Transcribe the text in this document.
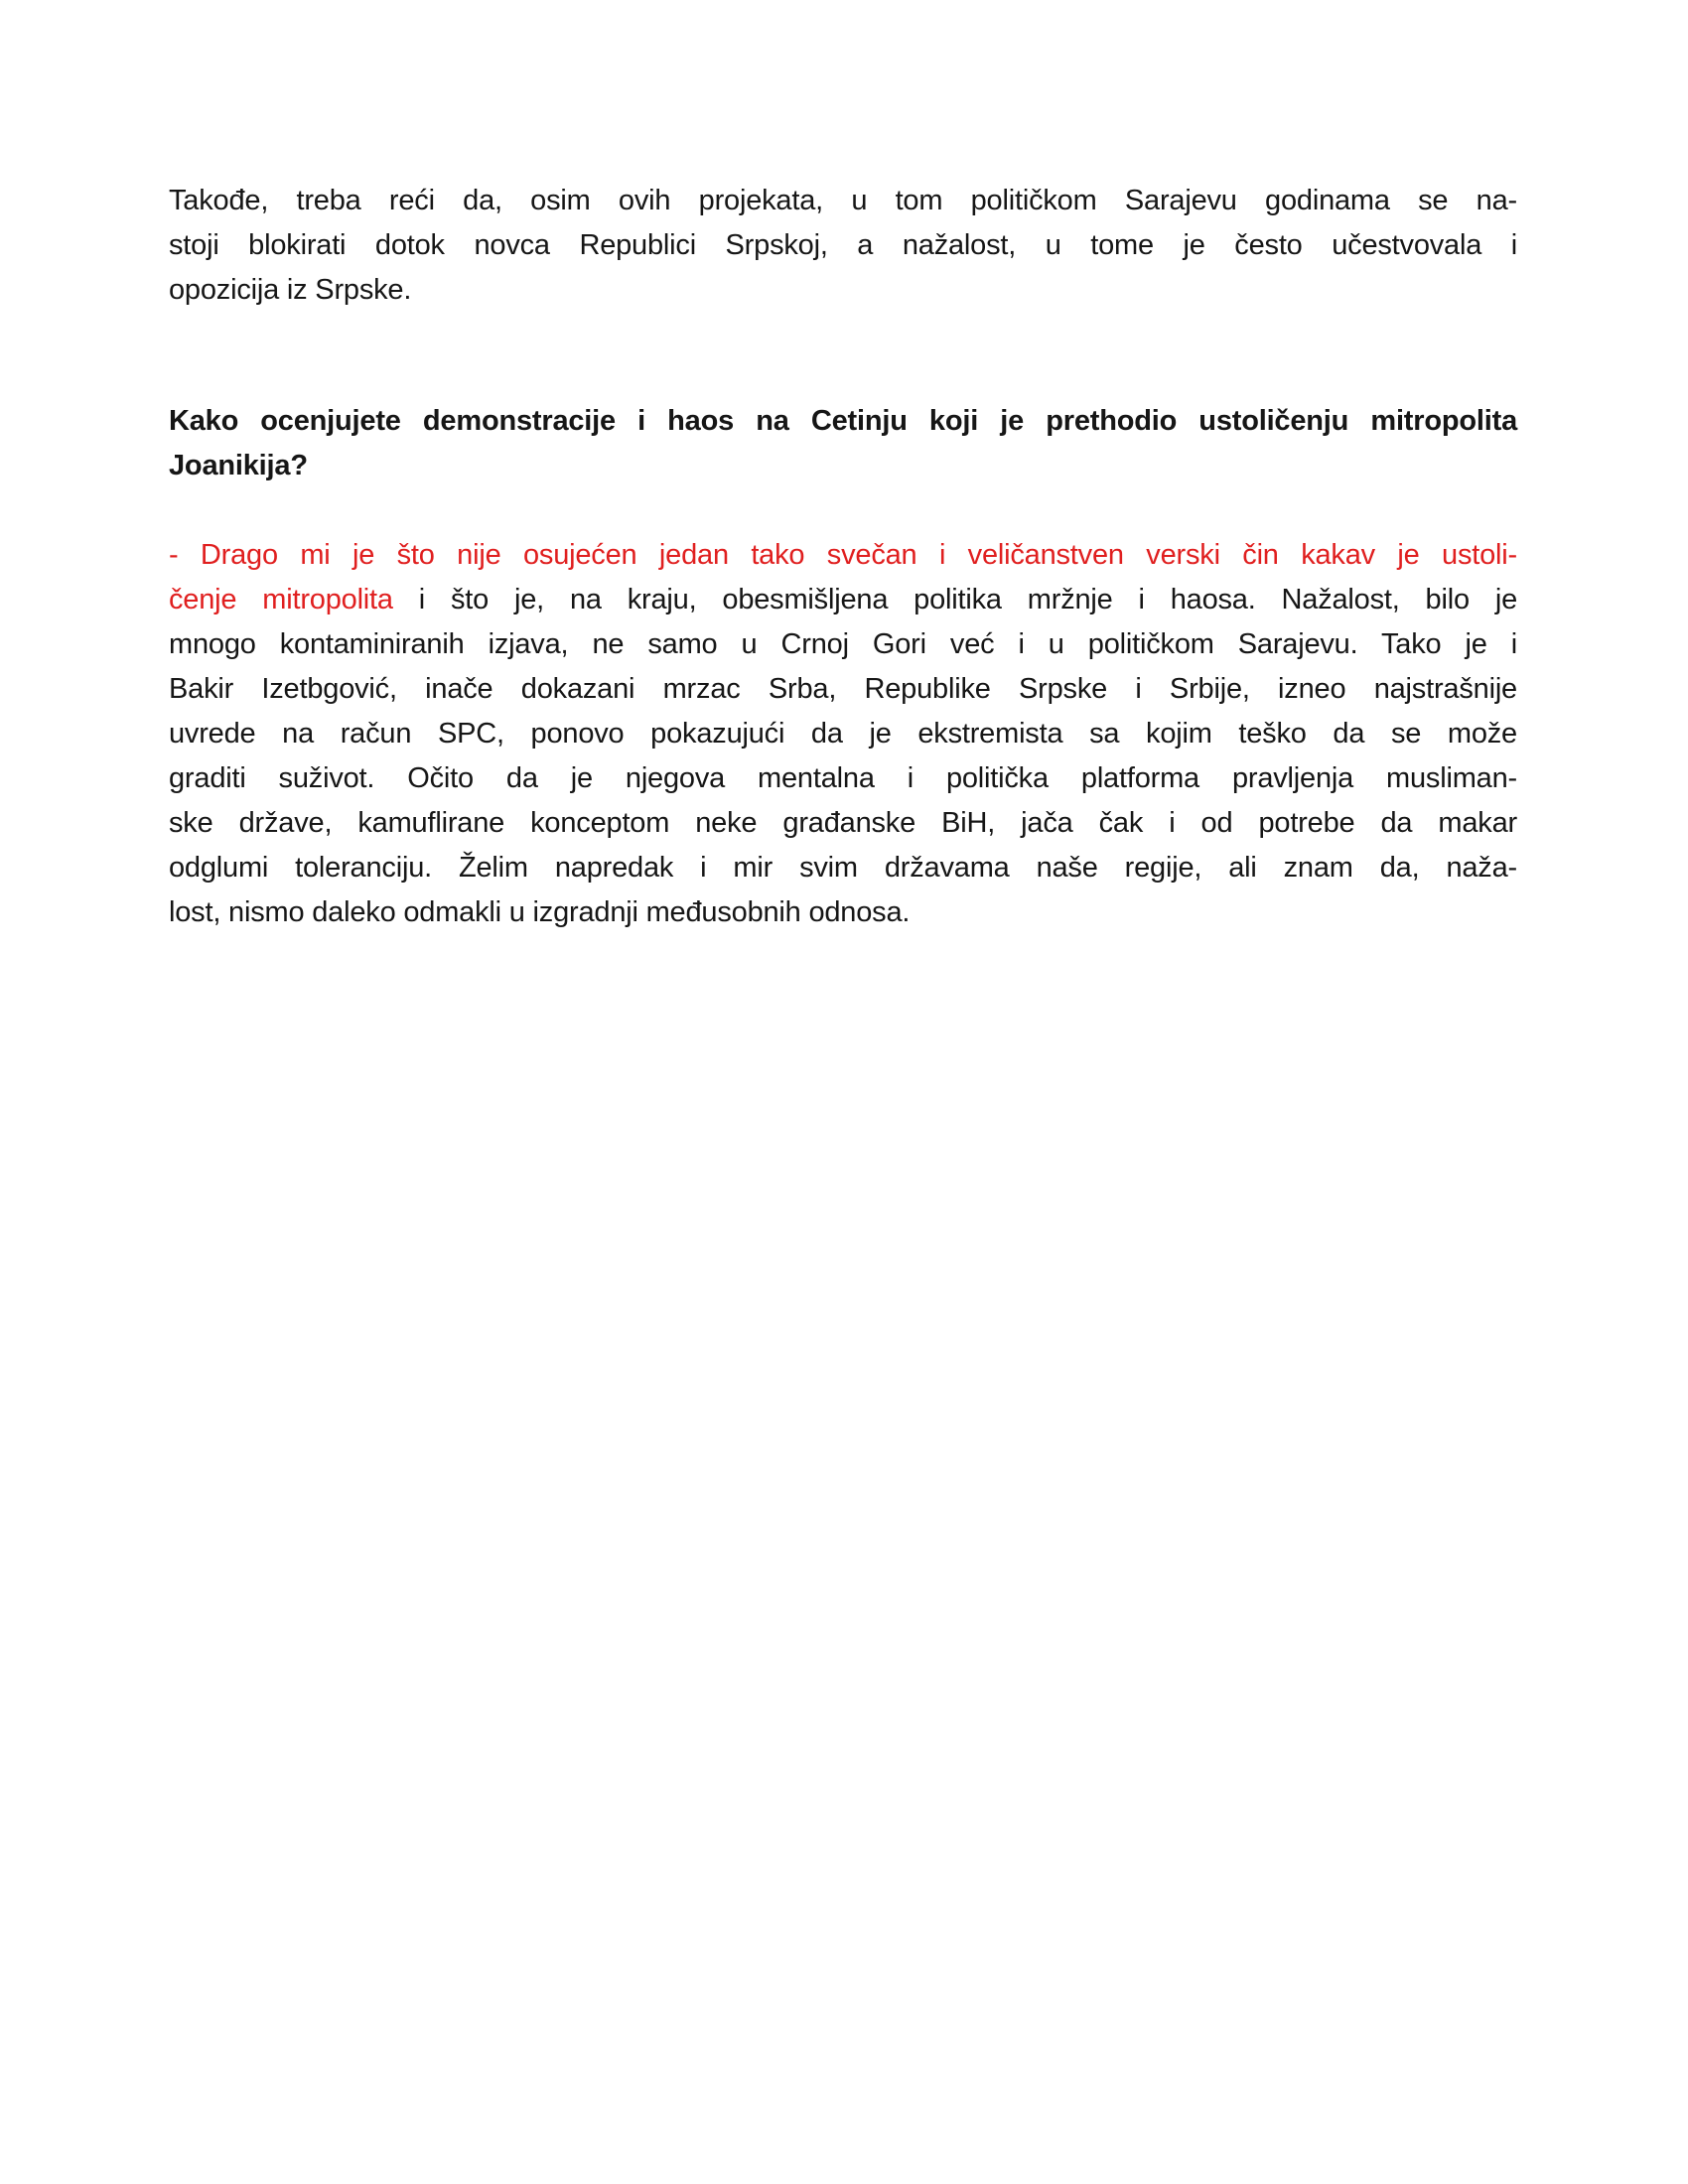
Takođe, treba reći da, osim ovih projekata, u tom političkom Sarajevu godinama se na-
stoji blokirati dotok novca Republici Srpskoj, a nažalost, u tome je često učestvovala i
opozicija iz Srpske.
Kako ocenjujete demonstracije i haos na Cetinju koji je prethodio ustoličenju mitropolita
Joanikija?
- Drago mi je što nije osujećen jedan tako svečan i veličanstven verski čin kakav je ustoli-
čenje mitropolita i što je, na kraju, obesmišljena politika mržnje i haosa. Nažalost, bilo je
mnogo kontaminiranih izjava, ne samo u Crnoj Gori već i u političkom Sarajevu. Tako je i
Bakir Izetbgović, inače dokazani mrzac Srba, Republike Srpske i Srbije, izneo najstrašnije
uvrede na račun SPC, ponovo pokazujući da je ekstremista sa kojim teško da se može
graditi suživot. Očito da je njegova mentalna i politička platforma pravljenja musliman-
ske države, kamuflirane konceptom neke građanske BiH, jača čak i od potrebe da makar
odglumi toleranciju. Želim napredak i mir svim državama naše regije, ali znam da, naža-
lost, nismo daleko odmakli u izgradnji međusobnih odnosa.
